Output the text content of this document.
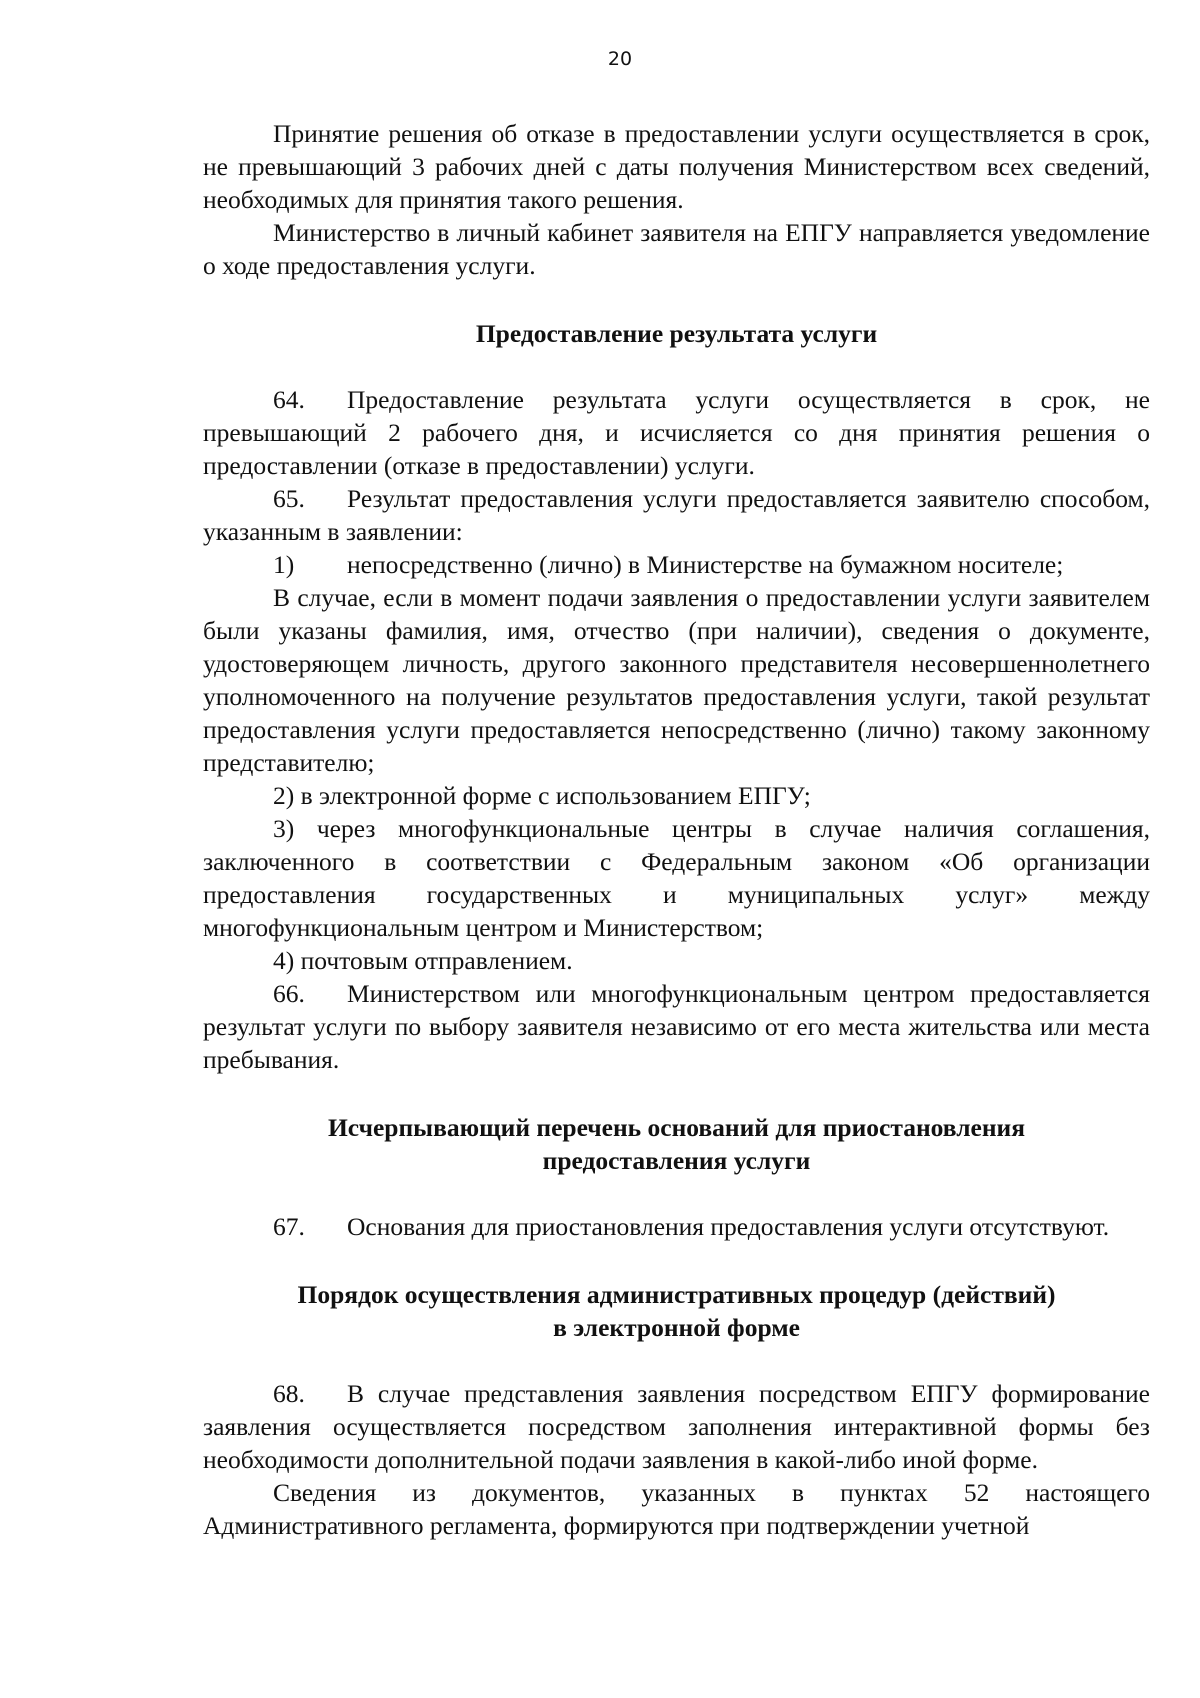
20

Принятие решения об отказе в предоставлении услуги осуществляется в срок, не превышающий 3 рабочих дней с даты получения Министерством всех сведений, необходимых для принятия такого решения.

Министерство в личный кабинет заявителя на ЕПГУ направляется уведомление о ходе предоставления услуги.

Предоставление результата услуги

64. Предоставление результата услуги осуществляется в срок, не превышающий 2 рабочего дня, и исчисляется со дня принятия решения о предоставлении (отказе в предоставлении) услуги.

65. Результат предоставления услуги предоставляется заявителю способом, указанным в заявлении:

1) непосредственно (лично) в Министерстве на бумажном носителе;

В случае, если в момент подачи заявления о предоставлении услуги заявителем были указаны фамилия, имя, отчество (при наличии), сведения о документе, удостоверяющем личность, другого законного представителя несовершеннолетнего уполномоченного на получение результатов предоставления услуги, такой результат предоставления услуги предоставляется непосредственно (лично) такому законному представителю;

2) в электронной форме с использованием ЕПГУ;

3) через многофункциональные центры в случае наличия соглашения, заключенного в соответствии с Федеральным законом «Об организации предоставления государственных и муниципальных услуг» между многофункциональным центром и Министерством;

4) почтовым отправлением.

66. Министерством или многофункциональным центром предоставляется результат услуги по выбору заявителя независимо от его места жительства или места пребывания.

Исчерпывающий перечень оснований для приостановления

предоставления услуги

67. Основания для приостановления предоставления услуги отсутствуют.

Порядок осуществления административных процедур (действий)

в электронной форме

68. В случае представления заявления посредством ЕПГУ формирование заявления осуществляется посредством заполнения интерактивной формы без необходимости дополнительной подачи заявления в какой-либо иной форме.

Сведения из документов, указанных в пунктах 52 настоящего Административного регламента, формируются при подтверждении учетной
